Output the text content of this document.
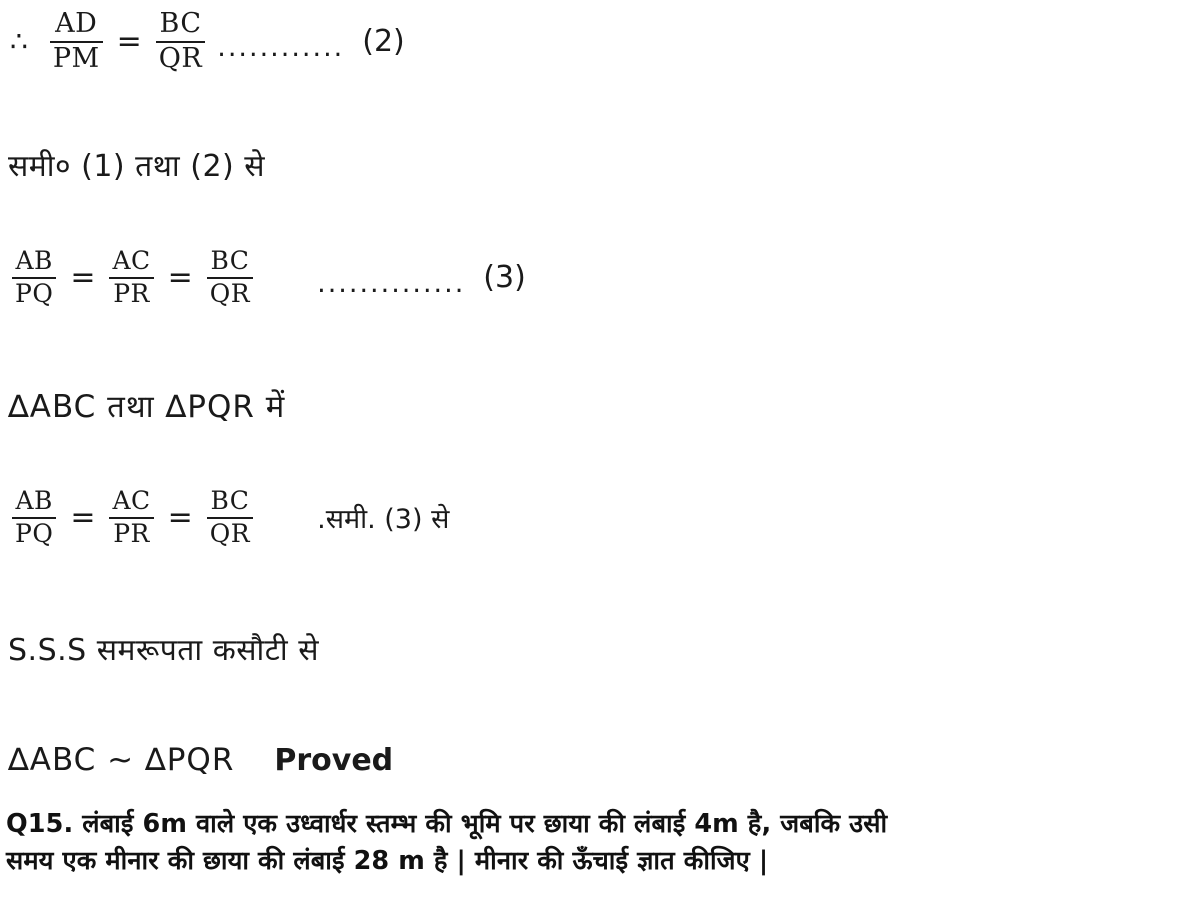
∴ $\frac{AD}{PM} = \frac{BC}{QR}$ ............ (2)
समी० (1) तथा (2) से
$\frac{AB}{PQ} = \frac{AC}{PR} = \frac{BC}{QR}$ .............. (3)
∆ABC तथा ∆PQR में
$\frac{AB}{PQ} = \frac{AC}{PR} = \frac{BC}{QR}$ .समी. (3) से
S.S.S समरूपता कसौटी से
∆ABC ~ ∆PQR Proved
Q15. लंबाई 6m वाले एक उध्वार्धर स्तम्भ की भूमि पर छाया की लंबाई 4m है, जबकि उसी
समय एक मीनार की छाया की लंबाई 28 m है | मीनार की ऊँचाई ज्ञात कीजिए |
